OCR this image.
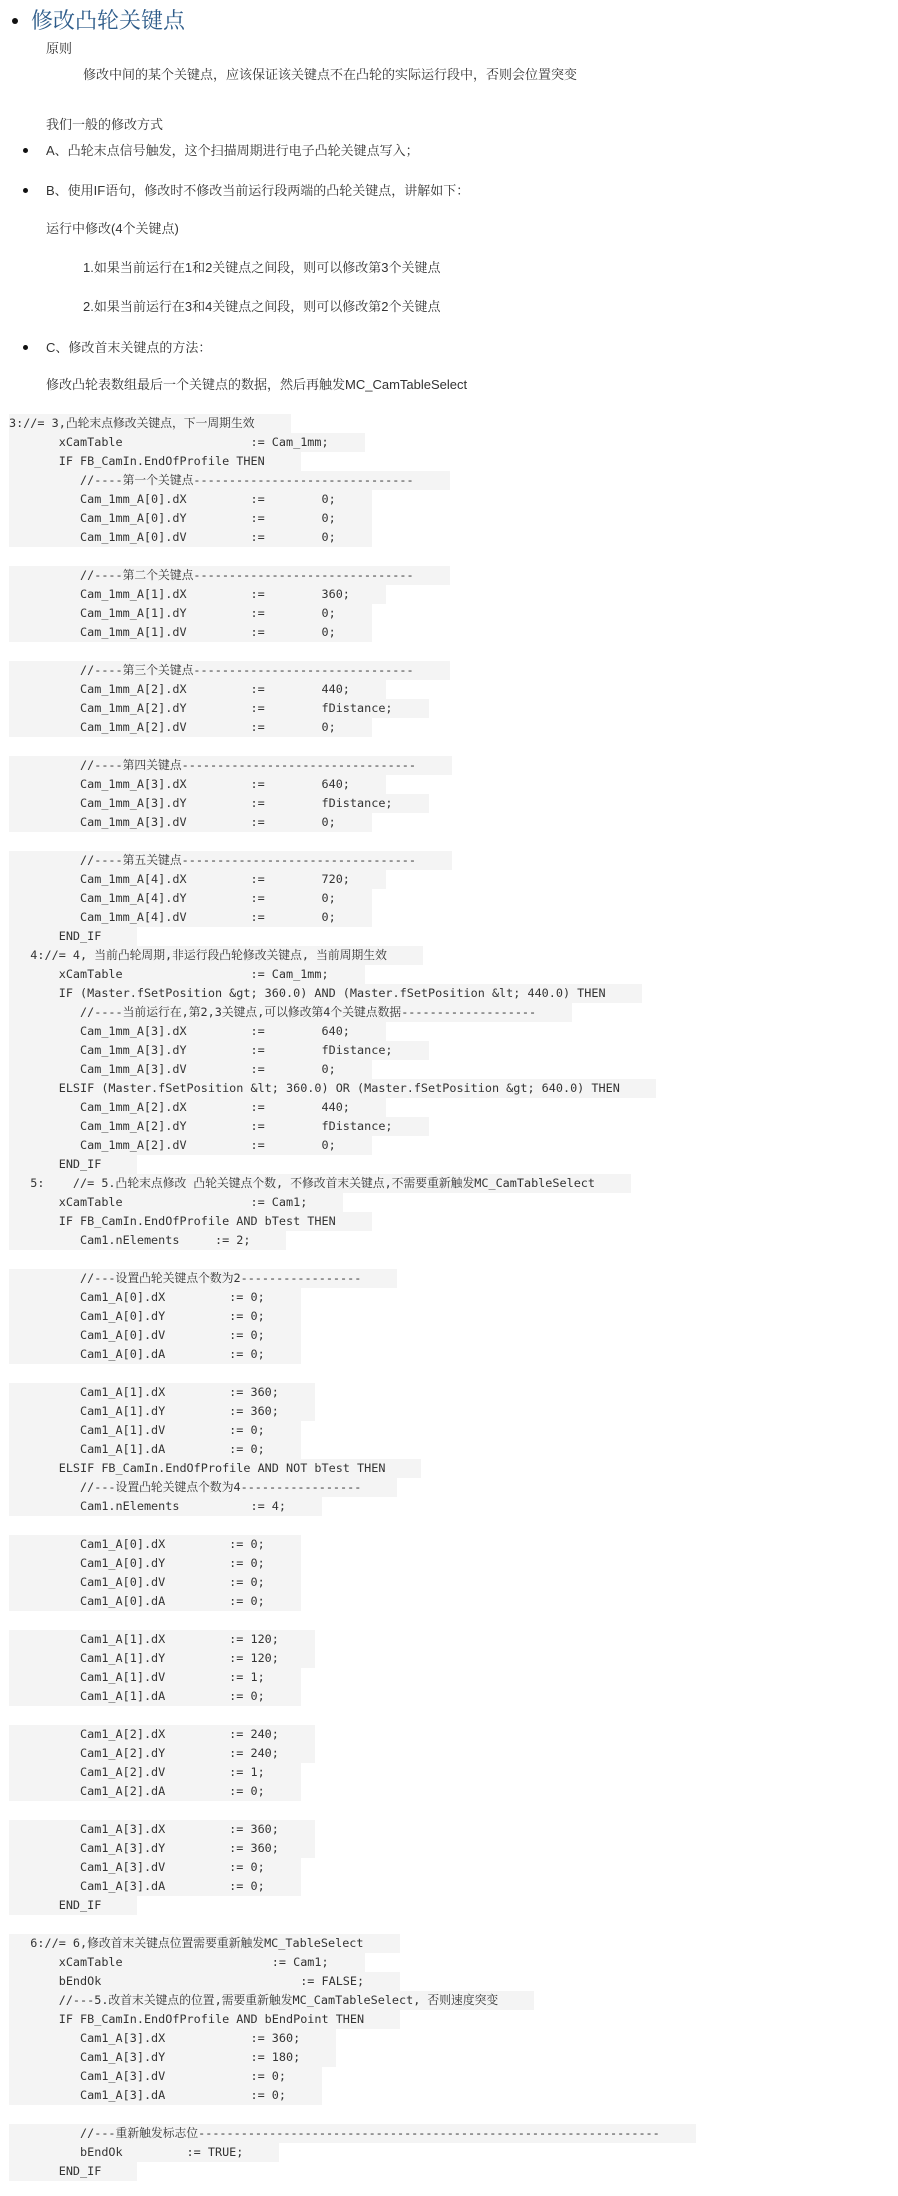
修改凸轮关键点
原则
修改中间的某个关键点，应该保证该关键点不在凸轮的实际运行段中，否则会位置突变
我们一般的修改方式
A、凸轮末点信号触发，这个扫描周期进行电子凸轮关键点写入；
B、使用IF语句，修改时不修改当前运行段两端的凸轮关键点，讲解如下：
运行中修改(4个关键点)
1.如果当前运行在1和2关键点之间段，则可以修改第3个关键点
2.如果当前运行在3和4关键点之间段，则可以修改第2个关键点
C、修改首末关键点的方法：
修改凸轮表数组最后一个关键点的数据，然后再触发MC_CamTableSelect
3://= 3,凸轮末点修改关键点，下一周期生效
xCamTable                  := Cam_1mm;
IF FB_CamIn.EndOfProfile THEN
//----第一个关键点-------------------------------
Cam_1mm_A[0].dX         :=        0;
Cam_1mm_A[0].dY         :=        0;
Cam_1mm_A[0].dV         :=        0;
//----第二个关键点-------------------------------
Cam_1mm_A[1].dX         :=        360;
Cam_1mm_A[1].dY         :=        0;
Cam_1mm_A[1].dV         :=        0;
//----第三个关键点-------------------------------
Cam_1mm_A[2].dX         :=        440;
Cam_1mm_A[2].dY         :=        fDistance;
Cam_1mm_A[2].dV         :=        0;
//----第四关键点---------------------------------
Cam_1mm_A[3].dX         :=        640;
Cam_1mm_A[3].dY         :=        fDistance;
Cam_1mm_A[3].dV         :=        0;
//----第五关键点---------------------------------
Cam_1mm_A[4].dX         :=        720;
Cam_1mm_A[4].dY         :=        0;
Cam_1mm_A[4].dV         :=        0;
END_IF
4://= 4, 当前凸轮周期,非运行段凸轮修改关键点, 当前周期生效
xCamTable                  := Cam_1mm;
IF (Master.fSetPosition &gt; 360.0) AND (Master.fSetPosition &lt; 440.0) THEN
//----当前运行在,第2,3关键点,可以修改第4个关键点数据-------------------
Cam_1mm_A[3].dX         :=        640;
Cam_1mm_A[3].dY         :=        fDistance;
Cam_1mm_A[3].dV         :=        0;
ELSIF (Master.fSetPosition &lt; 360.0) OR (Master.fSetPosition &gt; 640.0) THEN
Cam_1mm_A[2].dX         :=        440;
Cam_1mm_A[2].dY         :=        fDistance;
Cam_1mm_A[2].dV         :=        0;
END_IF
5:    //= 5.凸轮末点修改 凸轮关键点个数, 不修改首末关键点,不需要重新触发MC_CamTableSelect
xCamTable                  := Cam1;
IF FB_CamIn.EndOfProfile AND bTest THEN
Cam1.nElements     := 2;
//---设置凸轮关键点个数为2-----------------
Cam1_A[0].dX         := 0;
Cam1_A[0].dY         := 0;
Cam1_A[0].dV         := 0;
Cam1_A[0].dA         := 0;
Cam1_A[1].dX         := 360;
Cam1_A[1].dY         := 360;
Cam1_A[1].dV         := 0;
Cam1_A[1].dA         := 0;
ELSIF FB_CamIn.EndOfProfile AND NOT bTest THEN
//---设置凸轮关键点个数为4-----------------
Cam1.nElements          := 4;
Cam1_A[0].dX         := 0;
Cam1_A[0].dY         := 0;
Cam1_A[0].dV         := 0;
Cam1_A[0].dA         := 0;
Cam1_A[1].dX         := 120;
Cam1_A[1].dY         := 120;
Cam1_A[1].dV         := 1;
Cam1_A[1].dA         := 0;
Cam1_A[2].dX         := 240;
Cam1_A[2].dY         := 240;
Cam1_A[2].dV         := 1;
Cam1_A[2].dA         := 0;
Cam1_A[3].dX         := 360;
Cam1_A[3].dY         := 360;
Cam1_A[3].dV         := 0;
Cam1_A[3].dA         := 0;
END_IF
6://= 6,修改首末关键点位置需要重新触发MC_TableSelect
xCamTable                     := Cam1;
bEndOk                            := FALSE;
//---5.改首末关键点的位置,需要重新触发MC_CamTableSelect, 否则速度突变
IF FB_CamIn.EndOfProfile AND bEndPoint THEN
Cam1_A[3].dX            := 360;
Cam1_A[3].dY            := 180;
Cam1_A[3].dV            := 0;
Cam1_A[3].dA            := 0;
//---重新触发标志位-----------------------------------------------------------------
bEndOk         := TRUE;
END_IF
